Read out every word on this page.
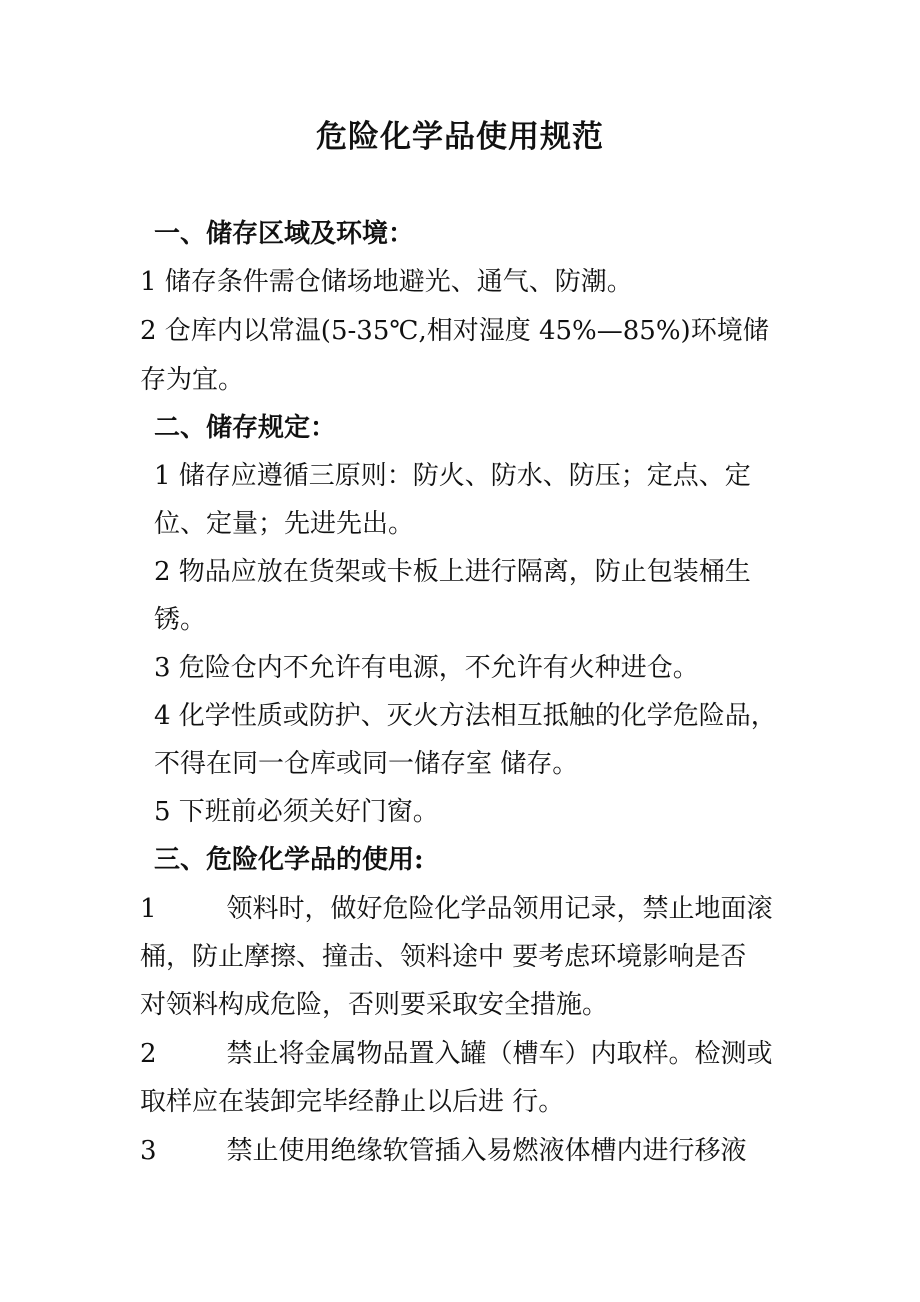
危险化学品使用规范
一、储存区域及环境：
1 储存条件需仓储场地避光、通气、防潮。
2 仓库内以常温(5-35℃,相对湿度 45%—85%)环境储
存为宜。
二、储存规定：
1 储存应遵循三原则：防火、防水、防压；定点、定
位、定量；先进先出。
2 物品应放在货架或卡板上进行隔离，防止包装桶生
锈。
3 危险仓内不允许有电源，不允许有火种进仓。
4 化学性质或防护、灭火方法相互抵触的化学危险品，
不得在同一仓库或同一储存室 储存。
5 下班前必须关好门窗。
三、危险化学品的使用:
1	领料时，做好危险化学品领用记录，禁止地面滚
桶，防止摩擦、撞击、领料途中 要考虑环境影响是否
对领料构成危险，否则要采取安全措施。
2	禁止将金属物品置入罐（槽车）内取样。检测或
取样应在装卸完毕经静止以后进 行。
3	禁止使用绝缘软管插入易燃液体槽内进行移液
